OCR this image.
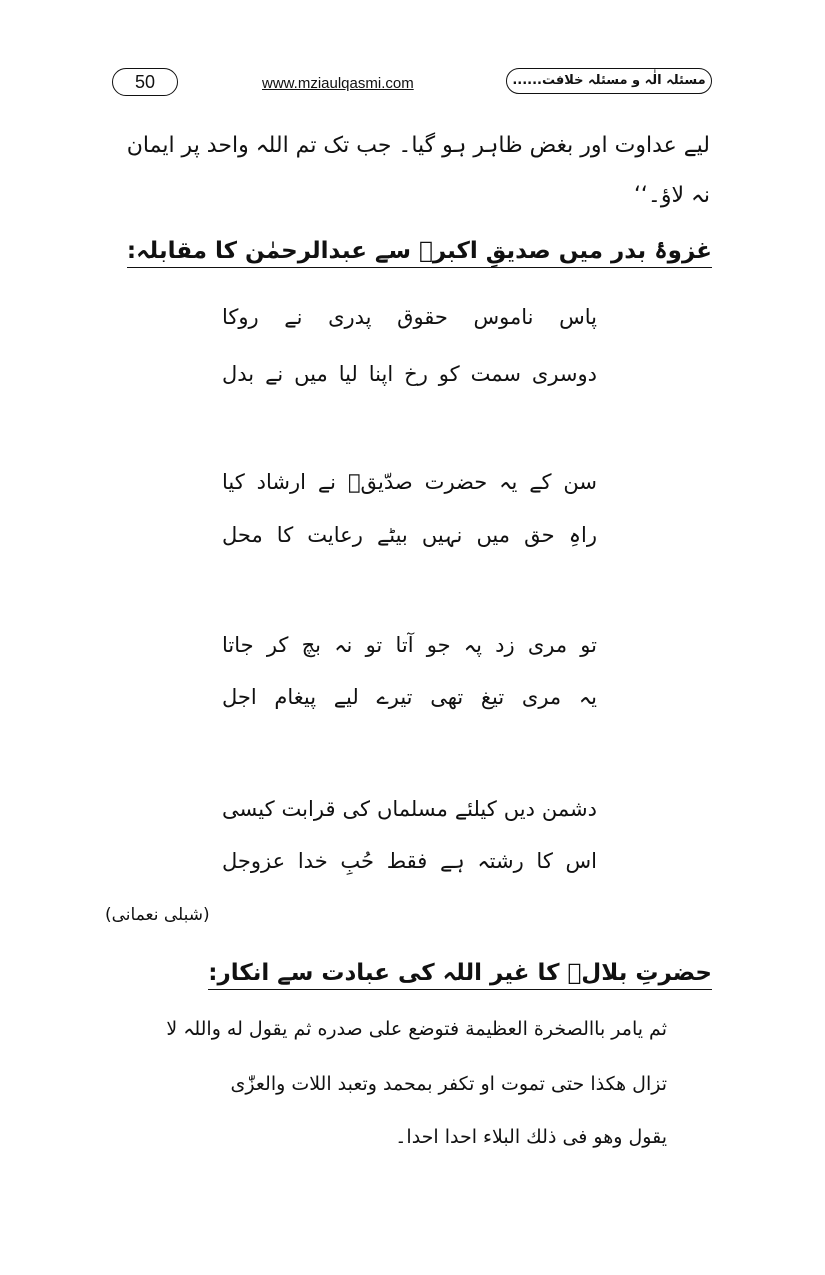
50	www.mziaulqasmi.com	مسئلہ الٰہ و مسئلہ خلافت......
لیے عداوت اور بغض ظاہر ہو گیا۔ جب تک تم اللہ واحد پر ایمان
نہ لاؤ۔‘‘
غزوۂ بدر میں صدیقِ اکبرؓ سے عبدالرحمٰن کا مقابلہ:
پاس ناموس حقوق پدری نے روکا
دوسری سمت کو رخ اپنا لیا میں نے بدل
سن کے یہ حضرت صدّیقؓ نے ارشاد کیا
راہِ حق میں نہیں بیٹے رعایت کا محل
تو مری زد پہ جو آتا تو نہ بچ کر جاتا
یہ مری تیغ تھی تیرے لیے پیغام اجل
دشمن دیں کیلئے مسلماں کی قرابت کیسی
اس کا رشتہ ہے فقط حُبِ خدا عزوجل
(شبلی نعمانی)
حضرتِ بلالؓ کا غیر اللہ کی عبادت سے انکار:
ثم یامر باالصخرة العظیمة فتوضع علی صدره ثم یقول له واللہ لا
تزال ھکذا حتی تموت او تکفر بمحمد وتعبد اللات والعزّٰی
یقول وھو فی ذلك البلاء احدا احدا۔
